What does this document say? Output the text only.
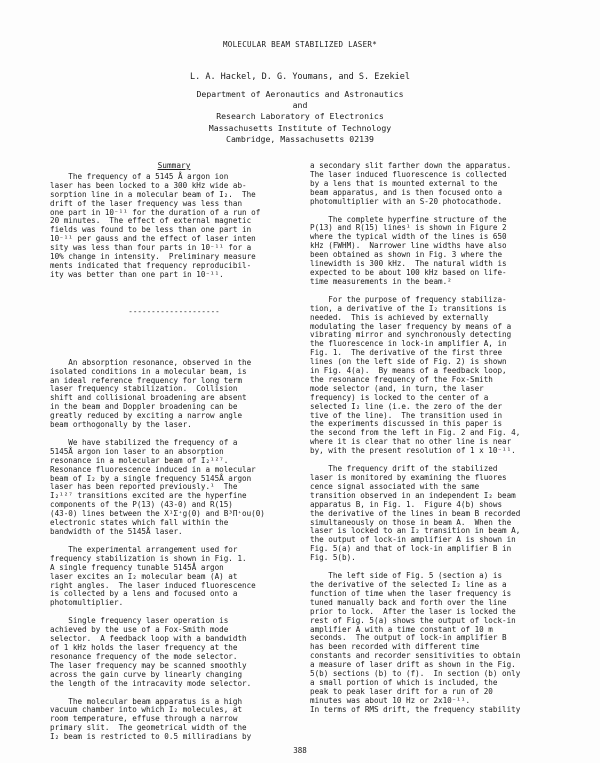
MOLECULAR BEAM STABILIZED LASER*
L. A. Hackel, D. G. Youmans, and S. Ezekiel
Department of Aeronautics and Astronautics
and
Research Laboratory of Electronics
Massachusetts Institute of Technology
Cambridge, Massachusetts 02139
Summary

The frequency of a 5145 Å argon ion
laser has been locked to a 300 kHz wide ab-
sorption line in a molecular beam of I₂.  The
drift of the laser frequency was less than
one part in 10⁻¹¹ for the duration of a run of
20 minutes.  The effect of external magnetic
fields was found to be less than one part in
10⁻¹¹ per gauss and the effect of laser inten
sity was less than four parts in 10⁻¹¹ for a
10% change in intensity.  Preliminary measure
ments indicated that frequency reproducibil-
ity was better than one part in 10⁻¹¹.

--------------------

An absorption resonance, observed in the
isolated conditions in a molecular beam, is
an ideal reference frequency for long term
laser frequency stabilization.  Collision
shift and collisional broadening are absent
in the beam and Doppler broadening can be
greatly reduced by exciting a narrow angle
beam orthogonally by the laser.

We have stabilized the frequency of a
5145Å argon ion laser to an absorption
resonance in a molecular beam of I₂¹²⁷.
Resonance fluorescence induced in a molecular
beam of I₂ by a single frequency 5145Å argon
laser has been reported previously.¹  The
I₂¹²⁷ transitions excited are the hyperfine
components of the P(13) (43-0) and R(15)
(43-0) lines between the X¹Σ⁺g(0) and B³Π⁺ou(0)
electronic states which fall within the
bandwidth of the 5145Å laser.

The experimental arrangement used for
frequency stabilization is shown in Fig. 1.
A single frequency tunable 5145Å argon
laser excites an I₂ molecular beam (A) at
right angles.  The laser induced fluorescence
is collected by a lens and focused onto a
photomultiplier.

Single frequency laser operation is
achieved by the use of a Fox-Smith mode
selector.  A feedback loop with a bandwidth
of 1 kHz holds the laser frequency at the
resonance frequency of the mode selector.
The laser frequency may be scanned smoothly
across the gain curve by linearly changing
the length of the intracavity mode selector.

The molecular beam apparatus is a high
vacuum chamber into which I₂ molecules, at
room temperature, effuse through a narrow
primary slit.  The geometrical width of the
I₂ beam is restricted to 0.5 milliradians by

a secondary slit farther down the apparatus.
The laser induced fluorescence is collected
by a lens that is mounted external to the
beam apparatus, and is then focused onto a
photomultiplier with an S-20 photocathode.

The complete hyperfine structure of the
P(13) and R(15) lines¹ is shown in Figure 2
where the typical width of the lines is 650
kHz (FWHM).  Narrower line widths have also
been obtained as shown in Fig. 3 where the
linewidth is 300 kHz.  The natural width is
expected to be about 100 kHz based on life-
time measurements in the beam.²

For the purpose of frequency stabiliza-
tion, a derivative of the I₂ transitions is
needed.  This is achieved by externally
modulating the laser frequency by means of a
vibrating mirror and synchronously detecting
the fluorescence in lock-in amplifier A, in
Fig. 1.  The derivative of the first three
lines (on the left side of Fig. 2) is shown
in Fig. 4(a).  By means of a feedback loop,
the resonance frequency of the Fox-Smith
mode selector (and, in turn, the laser
frequency) is locked to the center of a
selected I₂ line (i.e. the zero of the der
tive of the line).  The transition used in
the experiments discussed in this paper is
the second from the left in Fig. 2 and Fig. 4,
where it is clear that no other line is near
by, with the present resolution of 1 x 10⁻¹¹.

The frequency drift of the stabilized
laser is monitored by examining the fluores
cence signal associated with the same
transition observed in an independent I₂ beam
apparatus B, in Fig. 1.  Figure 4(b) shows
the derivative of the lines in beam B recorded
simultaneously on those in beam A.  When the
laser is locked to an I₂ transition in beam A,
the output of lock-in amplifier A is shown in
Fig. 5(a) and that of lock-in amplifier B in
Fig. 5(b).

The left side of Fig. 5 (section a) is
the derivative of the selected I₂ line as a
function of time when the laser frequency is
tuned manually back and forth over the line
prior to lock.  After the laser is locked the
rest of Fig. 5(a) shows the output of lock-in
amplifier A with a time constant of 10 m
seconds.  The output of lock-in amplifier B
has been recorded with different time
constants and recorder sensitivities to obtain
a measure of laser drift as shown in the Fig.
5(b) sections (b) to (f).  In section (b) only
a small portion of which is included, the
peak to peak laser drift for a run of 20
minutes was about 10 Hz or 2x10⁻¹¹.
In terms of RMS drift, the frequency stability

388
